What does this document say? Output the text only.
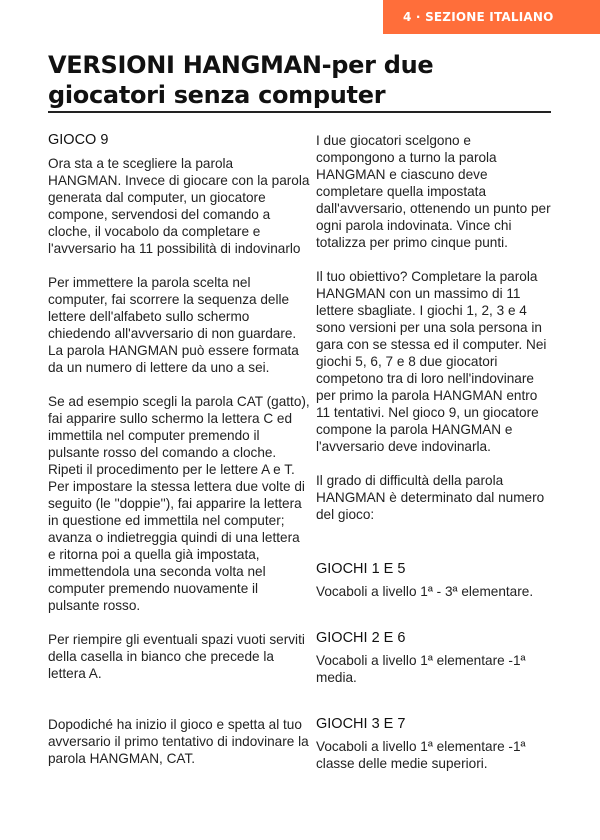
4 · SEZIONE ITALIANO
VERSIONI HANGMAN-per due
giocatori senza computer

GIOCO 9

Ora sta a te scegliere la parola HANGMAN. Invece di giocare con la parola generata dal computer, un giocatore compone, servendosi del comando a cloche, il vocabolo da completare e l'avversario ha 11 possibilità di indovinarlo

Per immettere la parola scelta nel computer, fai scorrere la sequenza delle lettere dell'alfabeto sullo schermo chiedendo all'avversario di non guardare. La parola HANGMAN può essere formata da un numero di lettere da uno a sei.

Se ad esempio scegli la parola CAT (gatto), fai apparire sullo schermo la lettera C ed immettila nel computer premendo il pulsante rosso del comando a cloche. Ripeti il procedimento per le lettere A e T. Per impostare la stessa lettera due volte di seguito (le ''doppie''), fai apparire la lettera in questione ed immettila nel computer; avanza o indietreggia quindi di una lettera e ritorna poi a quella già impostata, immettendola una seconda volta nel computer premendo nuovamente il pulsante rosso.

Per riempire gli eventuali spazi vuoti serviti della casella in bianco che precede la lettera A.

Dopodiché ha inizio il gioco e spetta al tuo avversario il primo tentativo di indovinare la parola HANGMAN, CAT.

I due giocatori scelgono e compongono a turno la parola HANGMAN e ciascuno deve completare quella impostata dall'avversario, ottenendo un punto per ogni parola indovinata. Vince chi totalizza per primo cinque punti.

Il tuo obiettivo? Completare la parola HANGMAN con un massimo di 11 lettere sbagliate. I giochi 1, 2, 3 e 4 sono versioni per una sola persona in gara con se stessa ed il computer. Nei giochi 5, 6, 7 e 8 due giocatori competono tra di loro nell'indovinare per primo la parola HANGMAN entro 11 tentativi. Nel gioco 9, un giocatore compone la parola HANGMAN e l'avversario deve indovinarla.

Il grado di difficultà della parola HANGMAN è determinato dal numero del gioco:

GIOCHI 1 E 5

Vocaboli a livello 1ª - 3ª elementare.

GIOCHI 2 E 6

Vocaboli a livello 1ª elementare -1ª media.

GIOCHI 3 E 7

Vocaboli a livello 1ª elementare -1ª classe delle medie superiori.
